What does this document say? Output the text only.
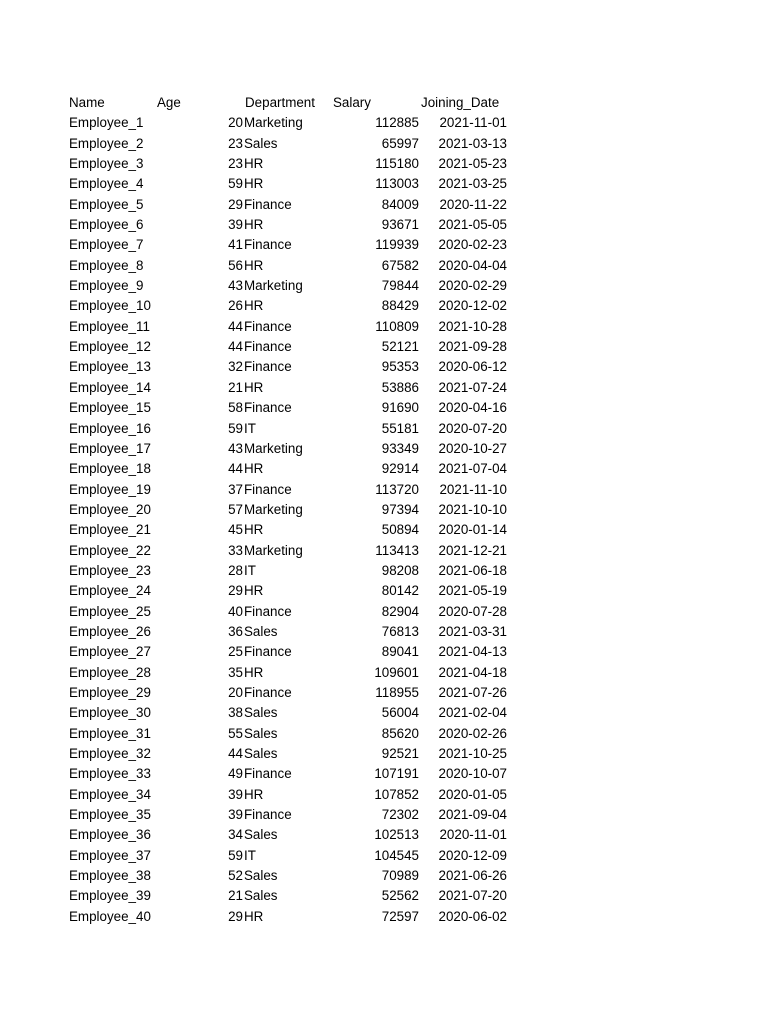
Name	Age	Department Salary	Joining_Date
Employee_1	20 Marketing	112885 2021-11-01
Employee_2	23 Sales	65997 2021-03-13
Employee_3	23 HR	115180 2021-05-23
Employee_4	59 HR	113003 2021-03-25
Employee_5	29 Finance	84009 2020-11-22
Employee_6	39 HR	93671 2021-05-05
Employee_7	41 Finance	119939 2020-02-23
Employee_8	56 HR	67582 2020-04-04
Employee_9	43 Marketing	79844 2020-02-29
Employee_10	26 HR	88429 2020-12-02
Employee_11	44 Finance	110809 2021-10-28
Employee_12	44 Finance	52121 2021-09-28
Employee_13	32 Finance	95353 2020-06-12
Employee_14	21 HR	53886 2021-07-24
Employee_15	58 Finance	91690 2020-04-16
Employee_16	59 IT	55181 2020-07-20
Employee_17	43 Marketing	93349 2020-10-27
Employee_18	44 HR	92914 2021-07-04
Employee_19	37 Finance	113720 2021-11-10
Employee_20	57 Marketing	97394 2021-10-10
Employee_21	45 HR	50894 2020-01-14
Employee_22	33 Marketing	113413 2021-12-21
Employee_23	28 IT	98208 2021-06-18
Employee_24	29 HR	80142 2021-05-19
Employee_25	40 Finance	82904 2020-07-28
Employee_26	36 Sales	76813 2021-03-31
Employee_27	25 Finance	89041 2021-04-13
Employee_28	35 HR	109601 2021-04-18
Employee_29	20 Finance	118955 2021-07-26
Employee_30	38 Sales	56004 2021-02-04
Employee_31	55 Sales	85620 2020-02-26
Employee_32	44 Sales	92521 2021-10-25
Employee_33	49 Finance	107191 2020-10-07
Employee_34	39 HR	107852 2020-01-05
Employee_35	39 Finance	72302 2021-09-04
Employee_36	34 Sales	102513 2020-11-01
Employee_37	59 IT	104545 2020-12-09
Employee_38	52 Sales	70989 2021-06-26
Employee_39	21 Sales	52562 2021-07-20
Employee_40	29 HR	72597 2020-06-02
